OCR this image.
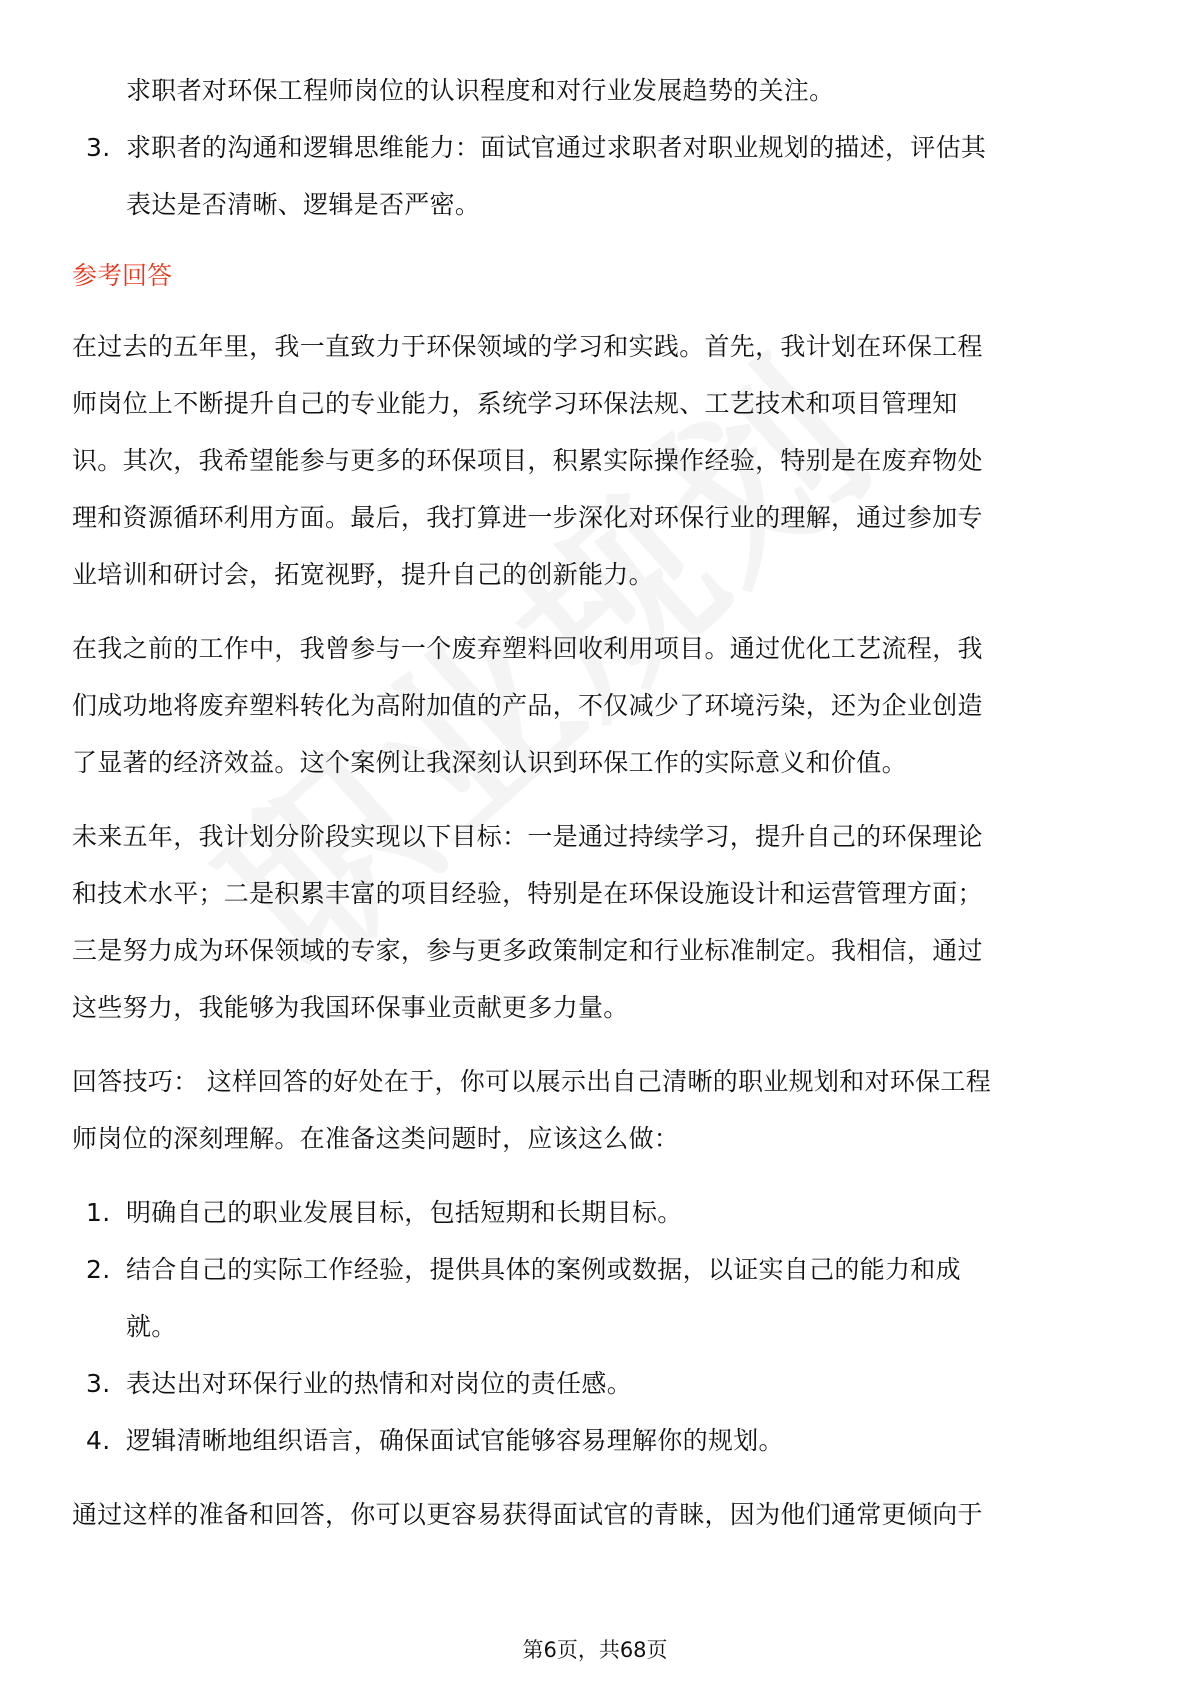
求职者对环保工程师岗位的认识程度和对行业发展趋势的关注。
3. 求职者的沟通和逻辑思维能力：面试官通过求职者对职业规划的描述，评估其
表达是否清晰、逻辑是否严密。
参考回答
在过去的五年里，我一直致力于环保领域的学习和实践。首先，我计划在环保工程
师岗位上不断提升自己的专业能力，系统学习环保法规、工艺技术和项目管理知
识。其次，我希望能参与更多的环保项目，积累实际操作经验，特别是在废弃物处
理和资源循环利用方面。最后，我打算进一步深化对环保行业的理解，通过参加专
业培训和研讨会，拓宽视野，提升自己的创新能力。
在我之前的工作中，我曾参与一个废弃塑料回收利用项目。通过优化工艺流程，我
们成功地将废弃塑料转化为高附加值的产品，不仅减少了环境污染，还为企业创造
了显著的经济效益。这个案例让我深刻认识到环保工作的实际意义和价值。
未来五年，我计划分阶段实现以下目标：一是通过持续学习，提升自己的环保理论
和技术水平；二是积累丰富的项目经验，特别是在环保设施设计和运营管理方面；
三是努力成为环保领域的专家，参与更多政策制定和行业标准制定。我相信，通过
这些努力，我能够为我国环保事业贡献更多力量。
回答技巧： 这样回答的好处在于，你可以展示出自己清晰的职业规划和对环保工程
师岗位的深刻理解。在准备这类问题时，应该这么做：
1. 明确自己的职业发展目标，包括短期和长期目标。
2. 结合自己的实际工作经验，提供具体的案例或数据，以证实自己的能力和成
就。
3. 表达出对环保行业的热情和对岗位的责任感。
4. 逻辑清晰地组织语言，确保面试官能够容易理解你的规划。
通过这样的准备和回答，你可以更容易获得面试官的青睐，因为他们通常更倾向于
第6页，共68页
